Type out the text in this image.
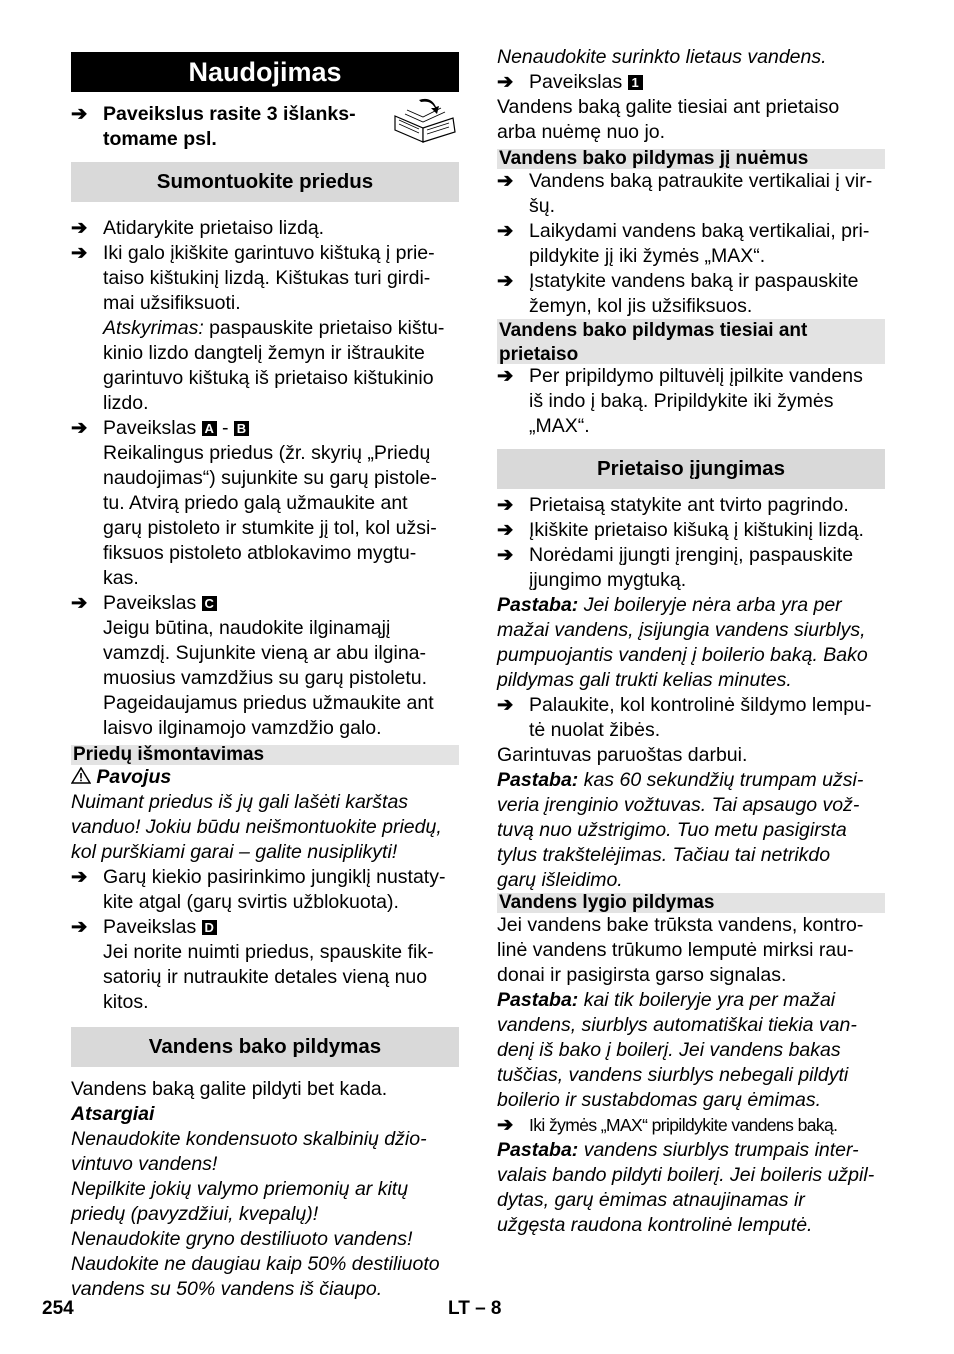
Naudojimas
➔ Paveikslus rasite 3 išlanks-
tomame psl.
Sumontuokite priedus
➔ Atidarykite prietaiso lizdą.
➔ Iki galo įkiškite garintuvo kištuką į prie-
taiso kištukinį lizdą. Kištukas turi girdi-
mai užsifiksuoti.
Atskyrimas: paspauskite prietaiso kištu-
kinio lizdo dangtelį žemyn ir ištraukite
garintuvo kištuką iš prietaiso kištukinio
lizdo.
➔ Paveikslas A - B
Reikalingus priedus (žr. skyrių „Priedų
naudojimas“) sujunkite su garų pistole-
tu. Atvirą priedo galą užmaukite ant
garų pistoleto ir stumkite jį tol, kol užsi-
fiksuos pistoleto atblokavimo mygtu-
kas.
➔ Paveikslas C
Jeigu būtina, naudokite ilginamąjį
vamzdį. Sujunkite vieną ar abu ilgina-
muosius vamzdžius su garų pistoletu.
Pageidaujamus priedus užmaukite ant
laisvo ilginamojo vamzdžio galo.
Priedų išmontavimas
Pavojus
Nuimant priedus iš jų gali lašėti karštas
vanduo! Jokiu būdu neišmontuokite priedų,
kol purškiami garai – galite nusiplikyti!
➔ Garų kiekio pasirinkimo jungiklį nustaty-
kite atgal (garų svirtis užblokuota).
➔ Paveikslas D
Jei norite nuimti priedus, spauskite fik-
satorių ir nutraukite detales vieną nuo
kitos.
Vandens bako pildymas
Vandens baką galite pildyti bet kada.
Atsargiai
Nenaudokite kondensuoto skalbinių džio-
vintuvo vandens!
Nepilkite jokių valymo priemonių ar kitų
priedų (pavyzdžiui, kvepalų)!
Nenaudokite gryno destiliuoto vandens!
Naudokite ne daugiau kaip 50% destiliuoto
vandens su 50% vandens iš čiaupo.
Nenaudokite surinkto lietaus vandens.
➔ Paveikslas 1
Vandens baką galite tiesiai ant prietaiso
arba nuėmę nuo jo.
Vandens bako pildymas jį nuėmus
➔ Vandens baką patraukite vertikaliai į vir-
šų.
➔ Laikydami vandens baką vertikaliai, pri-
pildykite jį iki žymės „MAX“.
➔ Įstatykite vandens baką ir paspauskite
žemyn, kol jis užsifiksuos.
Vandens bako pildymas tiesiai ant
prietaiso
➔ Per pripildymo piltuvėlį įpilkite vandens
iš indo į baką. Pripildykite iki žymės
„MAX“.
Prietaiso įjungimas
➔ Prietaisą statykite ant tvirto pagrindo.
➔ Įkiškite prietaiso kišuką į kištukinį lizdą.
➔ Norėdami įjungti įrenginį, paspauskite
įjungimo mygtuką.
Pastaba: Jei boileryje nėra arba yra per
mažai vandens, įsijungia vandens siurblys,
pumpuojantis vandenį į boilerio baką. Bako
pildymas gali trukti kelias minutes.
➔ Palaukite, kol kontrolinė šildymo lempu-
tė nuolat žibės.
Garintuvas paruoštas darbui.
Pastaba: kas 60 sekundžių trumpam užsi-
veria įrenginio vožtuvas. Tai apsaugo vož-
tuvą nuo užstrigimo. Tuo metu pasigirsta
tylus trakštelėjimas. Tačiau tai netrikdo
garų išleidimo.
Vandens lygio pildymas
Jei vandens bake trūksta vandens, kontro-
linė vandens trūkumo lemputė mirksi rau-
donai ir pasigirsta garso signalas.
Pastaba: kai tik boileryje yra per mažai
vandens, siurblys automatiškai tiekia van-
denį iš bako į boilerį. Jei vandens bakas
tuščias, vandens siurblys nebegali pildyti
boilerio ir sustabdomas garų ėmimas.
➔ Iki žymės „MAX“ pripildykite vandens baką.
Pastaba: vandens siurblys trumpais inter-
valais bando pildyti boilerį. Jei boileris užpil-
dytas, garų ėmimas atnaujinamas ir
užgęsta raudona kontrolinė lemputė.
254	LT – 8
